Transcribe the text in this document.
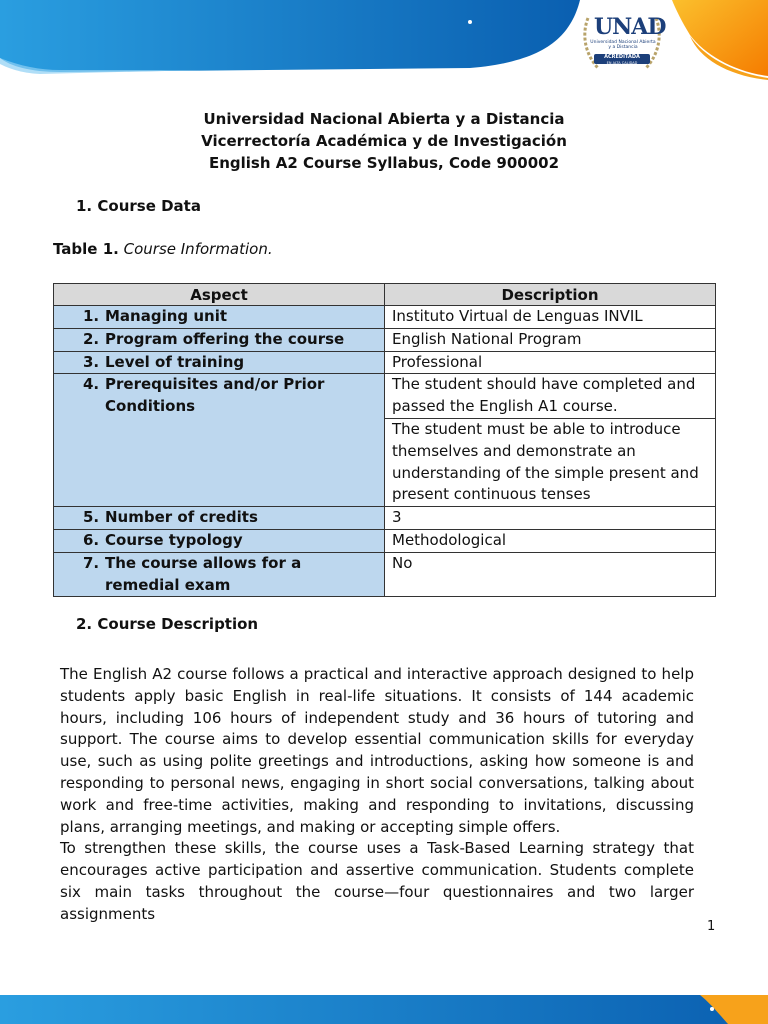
UNAD
Universidad Nacional Abierta y a Distancia
ACREDITADA
EN ALTA CALIDAD
Universidad Nacional Abierta y a Distancia
Vicerrectoría Académica y de Investigación
English A2 Course Syllabus, Code 900002
1. Course Data
Table 1. Course Information.
Aspect	Description
1. Managing unit	Instituto Virtual de Lenguas INVIL
2. Program offering the course	English National Program
3. Level of training	Professional
4. Prerequisites and/or Prior
Conditions	The student should have completed and passed the English A1 course.
	The student must be able to introduce themselves and demonstrate an understanding of the simple present and present continuous tenses
5. Number of credits	3
6. Course typology	Methodological
7. The course allows for a
remedial exam	No
2. Course Description

The English A2 course follows a practical and interactive approach designed to help students apply basic English in real-life situations. It consists of 144 academic hours, including 106 hours of independent study and 36 hours of tutoring and support. The course aims to develop essential communication skills for everyday use, such as using polite greetings and introductions, asking how someone is and responding to personal news, engaging in short social conversations, talking about work and free-time activities, making and responding to invitations, discussing plans, arranging meetings, and making or accepting simple offers.

To strengthen these skills, the course uses a Task-Based Learning strategy that encourages active participation and assertive communication. Students complete six main tasks throughout the course—four questionnaires and two larger assignments

1
